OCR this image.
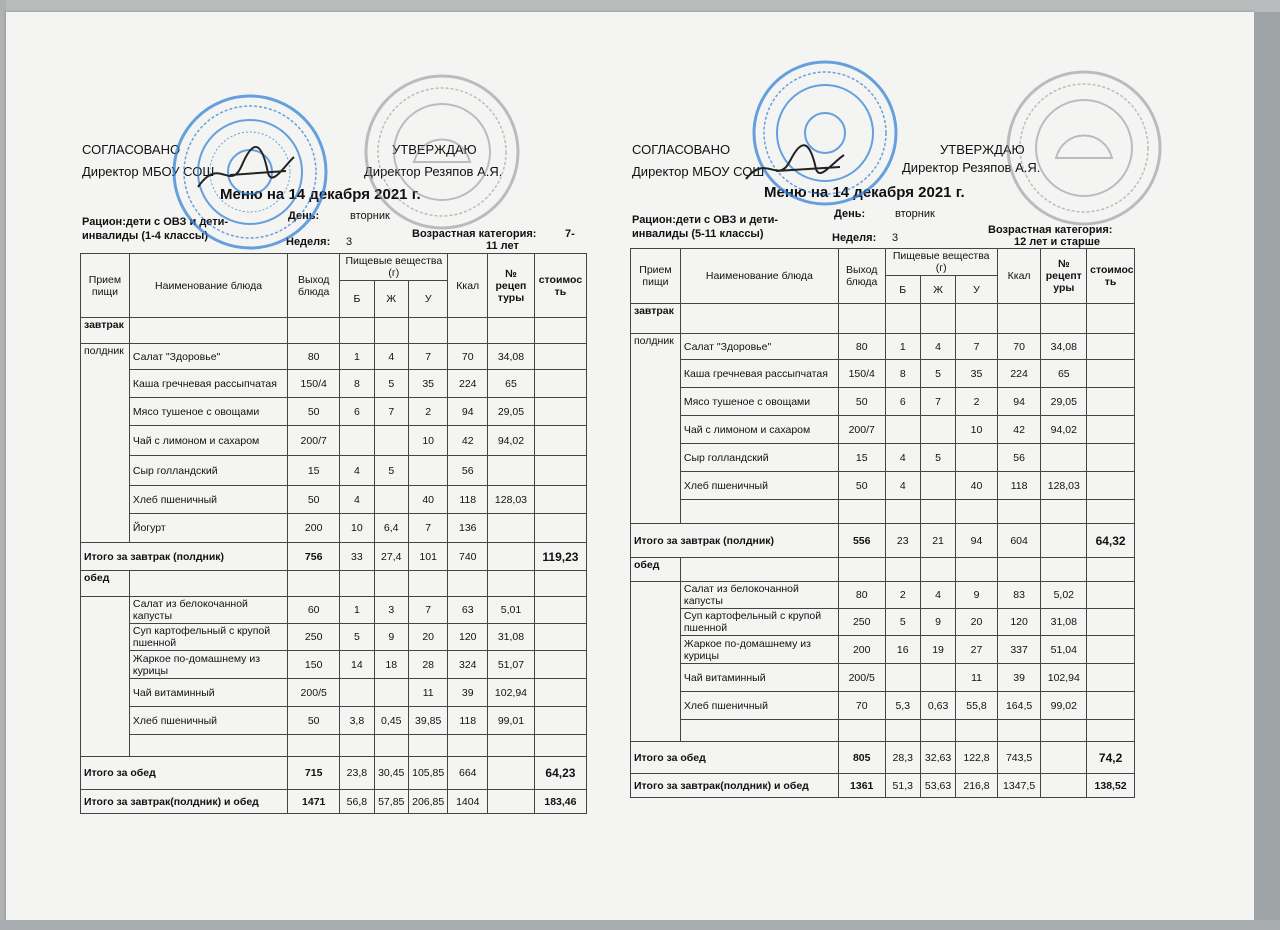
СОГЛАСОВАНО	УТВЕРЖДАЮ
Директор МБОУ СОШ	Директор Резяпов А.Я.
Меню на 14 декабря 2021 г.
Рацион:дети с ОВЗ и дети-
инвалиды (1-4 классы)
День:	вторник
Неделя: 3
Возрастная категория:	7-
11 лет
Прием пищи	Наименование блюда	Выход блюда	Пищевые вещества (г)			Ккал	№ рецеп туры	стоимос ть
			Б	Ж	У			
завтрак								
полдник	Салат "Здоровье"	80	1	4	7	70	34,08	
	Каша гречневая рассыпчатая	150/4	8	5	35	224	65	
	Мясо тушеное с овощами	50	6	7	2	94	29,05	
	Чай с лимоном и сахаром	200/7			10	42	94,02	
	Сыр голландский	15	4	5		56		
	Хлеб пшеничный	50	4		40	118	128,03	
	Йогурт	200	10	6,4	7	136		
Итого за завтрак (полдник)		756	33	27,4	101	740		119,23
обед								
	Салат из белокочанной капусты	60	1	3	7	63	5,01	
	Суп картофельный с крупой пшенной	250	5	9	20	120	31,08	
	Жаркое по-домашнему из курицы	150	14	18	28	324	51,07	
	Чай витаминный	200/5			11	39	102,94	
	Хлеб пшеничный	50	3,8	0,45	39,85	118	99,01	

Итого за обед		715	23,8	30,45	105,85	664		64,23
Итого за завтрак(полдник) и обед		1471	56,8	57,85	206,85	1404		183,46
СОГЛАСОВАНО	УТВЕРЖДАЮ
Директор МБОУ СОШ	Директор Резяпов А.Я.
Меню на 14 декабря 2021 г.
Рацион:дети с ОВЗ и дети-
инвалиды (5-11 классы)
День:	вторник
Неделя: 3
Возрастная категория:
12 лет и старше
Прием пищи	Наименование блюда	Выход блюда	Пищевые вещества (г)			Ккал	№ рецепт уры	стоимос ть
			Б	Ж	У			
завтрак								
полдник	Салат "Здоровье"	80	1	4	7	70	34,08	
	Каша гречневая рассыпчатая	150/4	8	5	35	224	65	
	Мясо тушеное с овощами	50	6	7	2	94	29,05	
	Чай с лимоном и сахаром	200/7			10	42	94,02	
	Сыр голландский	15	4	5		56		
	Хлеб пшеничный	50	4		40	118	128,03	

Итого за завтрак (полдник)		556	23	21	94	604		64,32
обед								
	Салат из белокочанной капусты	80	2	4	9	83	5,02	
	Суп картофельный с крупой пшенной	250	5	9	20	120	31,08	
	Жаркое по-домашнему из курицы	200	16	19	27	337	51,04	
	Чай витаминный	200/5			11	39	102,94	
	Хлеб пшеничный	70	5,3	0,63	55,8	164,5	99,02	

Итого за обед		805	28,3	32,63	122,8	743,5		74,2
Итого за завтрак(полдник) и обед		1361	51,3	53,63	216,8	1347,5		138,52
